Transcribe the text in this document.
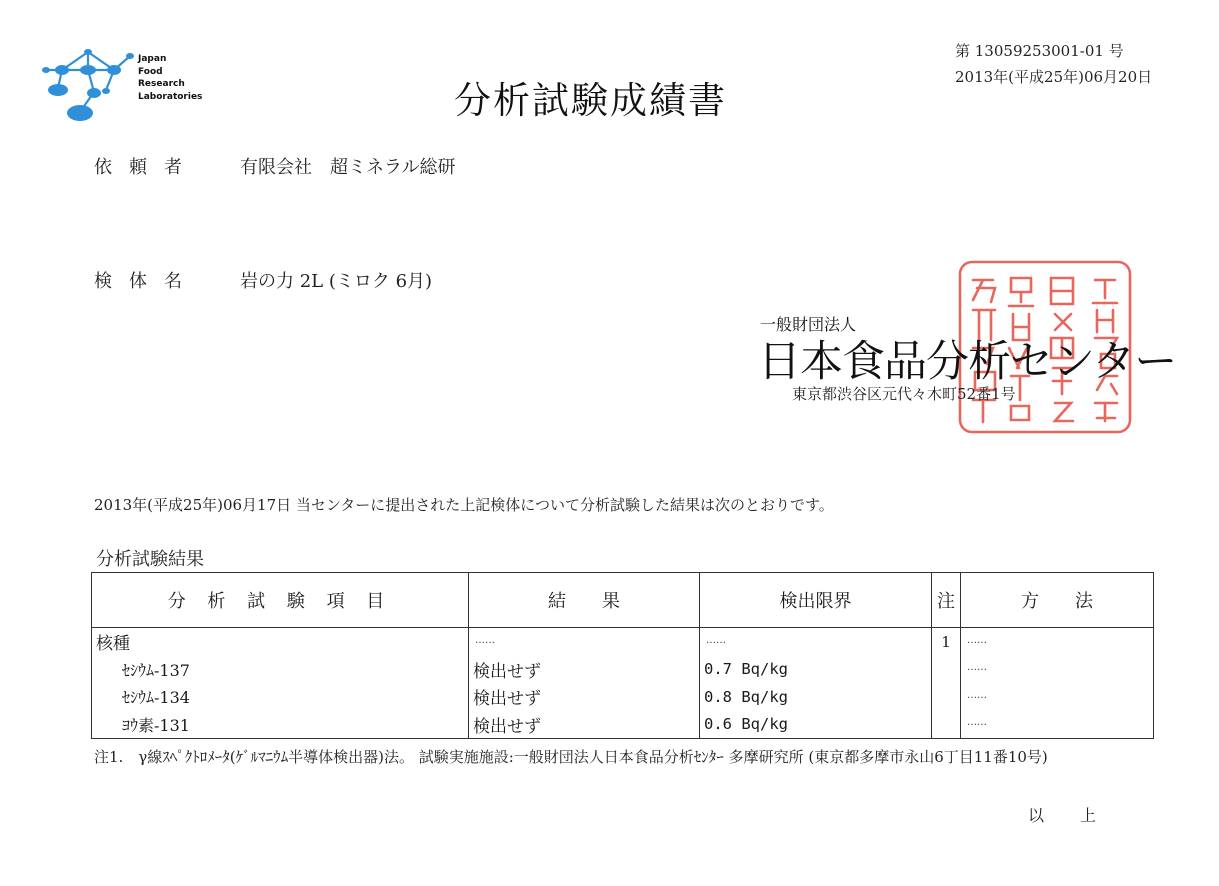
Japan
Food
Research
Laboratories	分析試験成績書
第 13059253001-01 号
2013年(平成25年)06月20日
依頼者 有限会社　超ミネラル総研
検体名 岩の力 2L (ミロク 6月)
一般財団法人
日本食品分析センター
東京都渋谷区元代々木町52番1号
2013年(平成25年)06月17日 当センターに提出された上記検体について分析試験した結果は次のとおりです。
分析試験結果
分 析 試 験 項 目	結　　果	検出限界	注	方　　法
核種	……	……	1	……
ｾｼｳﾑ-137	検出せず	0.7 Bq/kg		……
ｾｼｳﾑ-134	検出せず	0.8 Bq/kg		……
ﾖｳ素-131	検出せず	0.6 Bq/kg		……
注1.　γ線ｽﾍﾟｸﾄﾛﾒｰﾀ(ｹﾞﾙﾏﾆｳﾑ半導体検出器)法。 試験実施施設:一般財団法人日本食品分析ｾﾝﾀｰ 多摩研究所 (東京都多摩市永山6丁目11番10号)
以上
